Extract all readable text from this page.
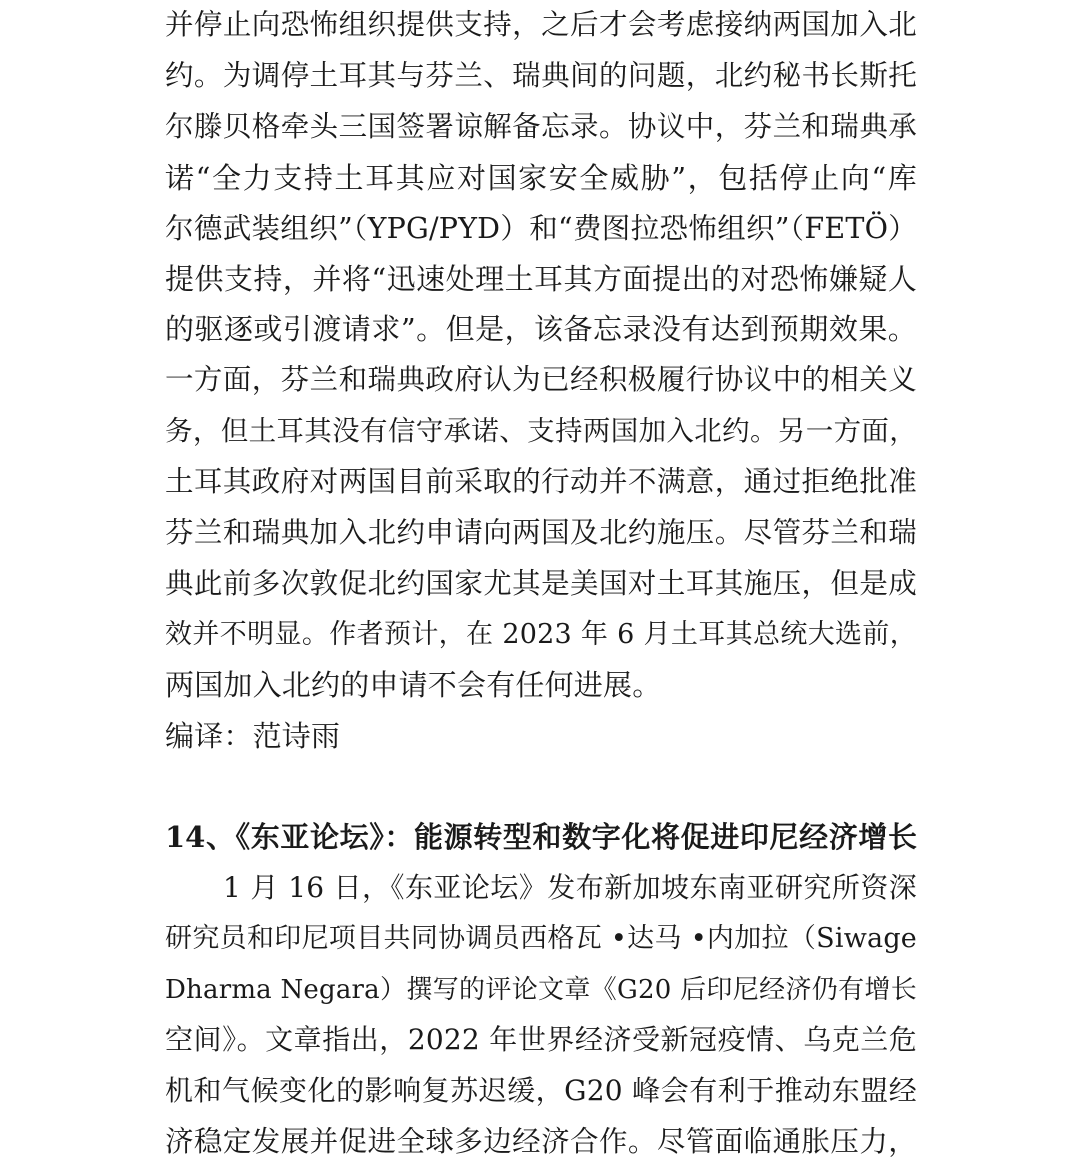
并停止向恐怖组织提供支持，之后才会考虑接纳两国加入北
约。为调停土耳其与芬兰、瑞典间的问题，北约秘书长斯托
尔滕贝格牵头三国签署谅解备忘录。协议中，芬兰和瑞典承
诺“全力支持土耳其应对国家安全威胁”，包括停止向“库
尔德武装组织”（YPG/PYD）和“费图拉恐怖组织”（FETÖ）
提供支持，并将“迅速处理土耳其方面提出的对恐怖嫌疑人
的驱逐或引渡请求”。但是，该备忘录没有达到预期效果。
一方面，芬兰和瑞典政府认为已经积极履行协议中的相关义
务，但土耳其没有信守承诺、支持两国加入北约。另一方面，
土耳其政府对两国目前采取的行动并不满意，通过拒绝批准
芬兰和瑞典加入北约申请向两国及北约施压。尽管芬兰和瑞
典此前多次敦促北约国家尤其是美国对土耳其施压，但是成
效并不明显。作者预计，在 2023 年 6 月土耳其总统大选前，
两国加入北约的申请不会有任何进展。
编译：范诗雨
14、《东亚论坛》：能源转型和数字化将促进印尼经济增长
1 月 16 日，《东亚论坛》发布新加坡东南亚研究所资深
研究员和印尼项目共同协调员西格瓦 •达马 •内加拉（Siwage
Dharma Negara）撰写的评论文章《G20 后印尼经济仍有增长
空间》。文章指出，2022 年世界经济受新冠疫情、乌克兰危
机和气候变化的影响复苏迟缓，G20 峰会有利于推动东盟经
济稳定发展并促进全球多边经济合作。尽管面临通胀压力，
